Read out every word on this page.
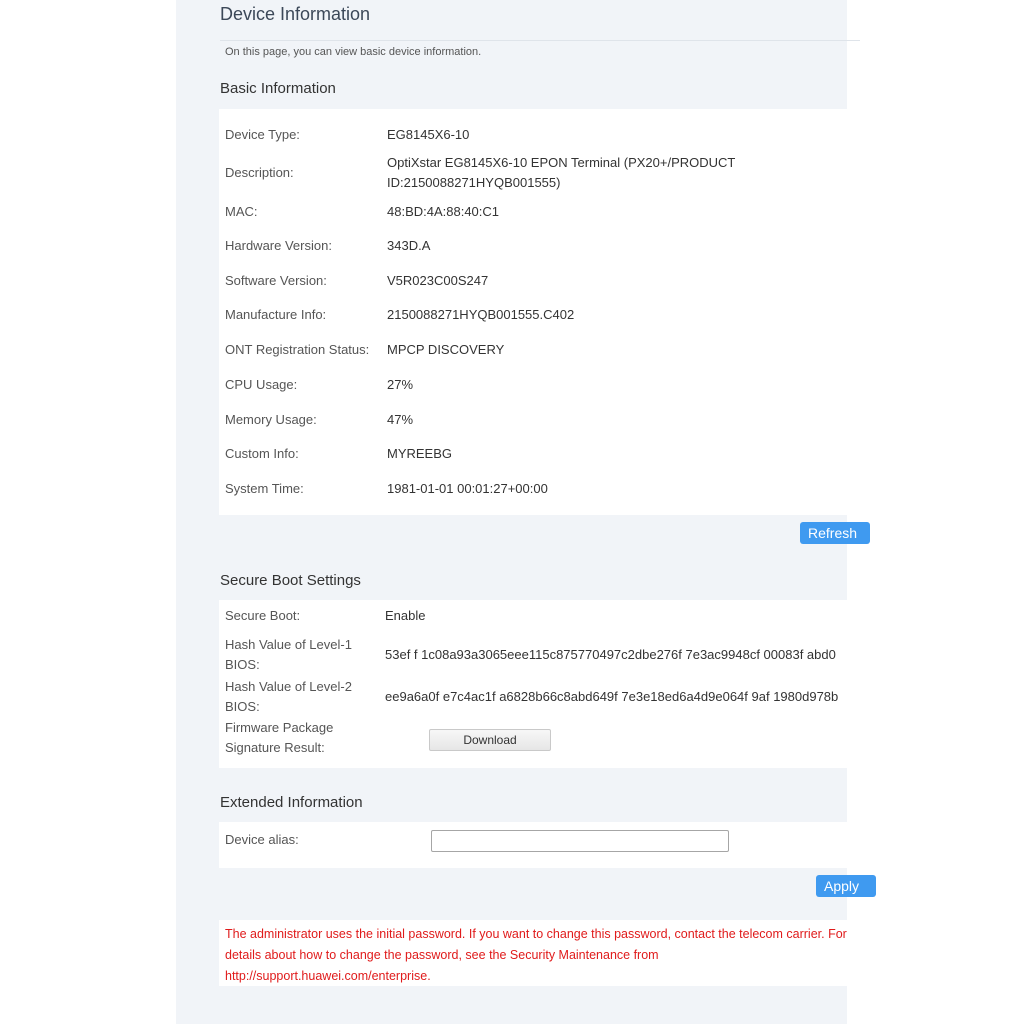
Device Information
On this page, you can view basic device information.
Basic Information
Device Type:	EG8145X6-10
Description:
OptiXstar EG8145X6-10 EPON Terminal (PX20+/PRODUCT ID:2150088271HYQB001555)
MAC:	48:BD:4A:88:40:C1
Hardware Version:	343D.A
Software Version:	V5R023C00S247
Manufacture Info:	2150088271HYQB001555.C402
ONT Registration Status:	MPCP DISCOVERY
CPU Usage:	27%
Memory Usage:	47%
Custom Info:	MYREEBG
System Time:	1981-01-01 00:01:27+00:00
Refresh
Secure Boot Settings
Secure Boot:	Enable
Hash Value of Level-1 BIOS:
53ef f 1c08a93a3065eee115c875770497c2dbe276f 7e3ac9948cf 00083f abd0
Hash Value of Level-2 BIOS:
ee9a6a0f e7c4ac1f a6828b66c8abd649f 7e3e18ed6a4d9e064f 9af 1980d978b
Firmware Package Signature Result:	Download
Extended Information
Device alias:
Apply
The administrator uses the initial password. If you want to change this password, contact the telecom carrier. For details about how to change the password, see the Security Maintenance from http://support.huawei.com/enterprise.
